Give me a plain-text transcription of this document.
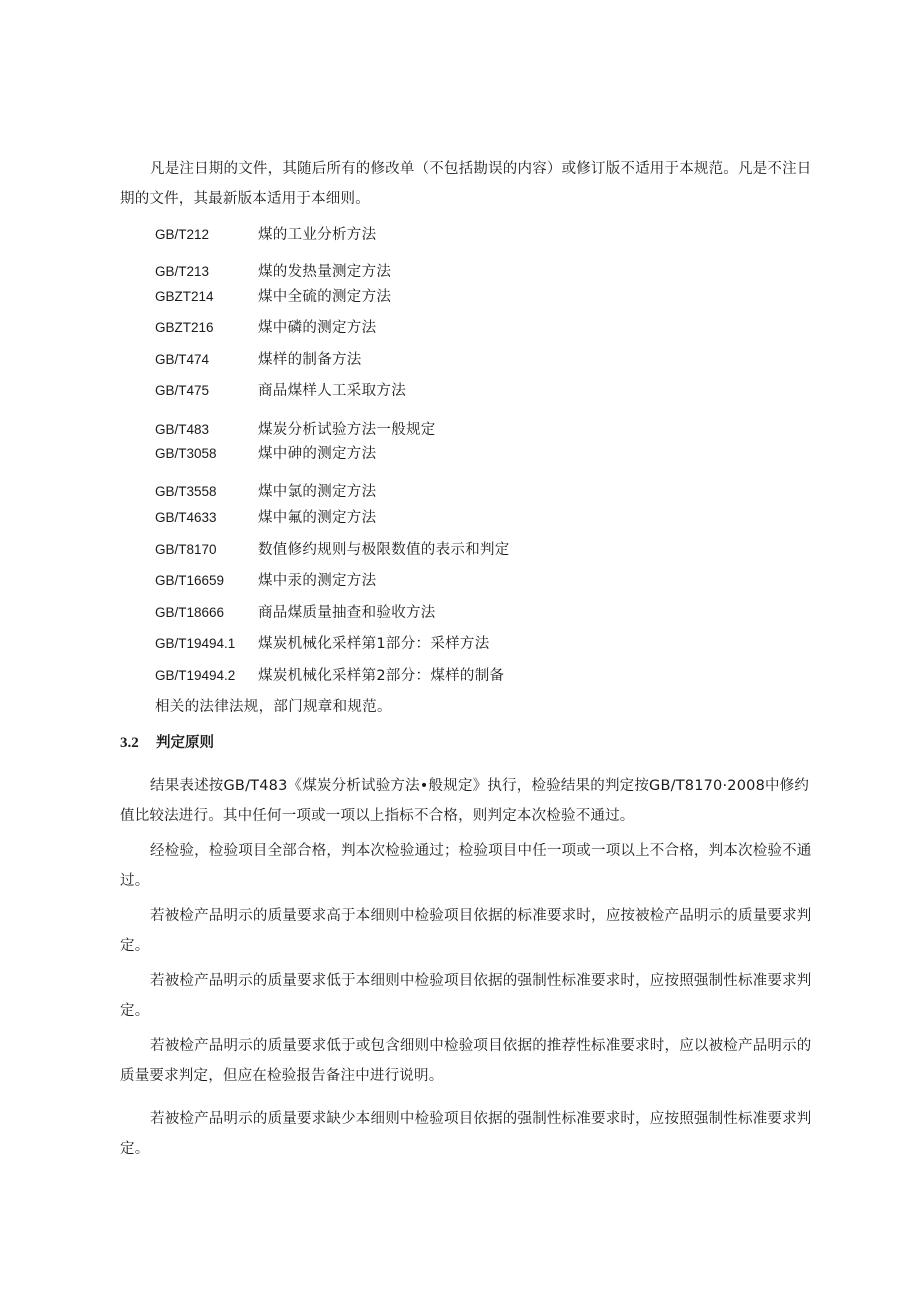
凡是注日期的文件，其随后所有的修改单（不包括勘误的内容）或修订版不适用于本规范。凡是不注日期的文件，其最新版本适用于本细则。

GB/T212	煤的工业分析方法
GB/T213	煤的发热量测定方法
GBZT214	煤中全硫的测定方法
GBZT216	煤中磷的测定方法
GB/T474	煤样的制备方法
GB/T475	商品煤样人工采取方法
GB/T483	煤炭分析试验方法一般规定
GB/T3058	煤中砷的测定方法
GB/T3558	煤中氯的测定方法
GB/T4633	煤中氟的测定方法
GB/T8170	数值修约规则与极限数值的表示和判定
GB/T16659 煤中汞的测定方法
GB/T18666 商品煤质量抽查和验收方法
GB/T19494.1 煤炭机械化采样第1部分：采样方法
GB/T19494.2 煤炭机械化采样第2部分：煤样的制备
相关的法律法规，部门规章和规范。
3.2 判定原则

结果表述按GB/T483《煤炭分析试验方法•般规定》执行，检验结果的判定按GB/T8170·2008中修约值比较法进行。其中任何一项或一项以上指标不合格，则判定本次检验不通过。

经检验，检验项目全部合格，判本次检验通过；检验项目中任一项或一项以上不合格，判本次检验不通过。

若被检产品明示的质量要求高于本细则中检验项目依据的标准要求时，应按被检产品明示的质量要求判定。

若被检产品明示的质量要求低于本细则中检验项目依据的强制性标准要求时，应按照强制性标准要求判定。

若被检产品明示的质量要求低于或包含细则中检验项目依据的推荐性标准要求时，应以被检产品明示的质量要求判定，但应在检验报告备注中进行说明。

若被检产品明示的质量要求缺少本细则中检验项目依据的强制性标准要求时，应按照强制性标准要求判定。
